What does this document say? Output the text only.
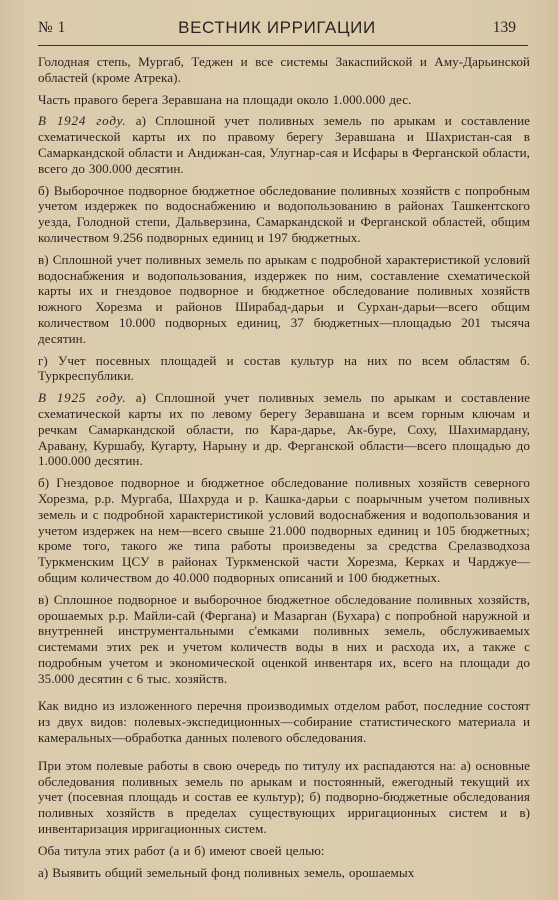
№ 1	ВЕСТНИК ИРРИГАЦИИ	139

Голодная степь, Мургаб, Теджен и все системы Закаспийской и Аму-Дарьинской областей (кроме Атрека).

Часть правого берега Зеравшана на площади около 1.000.000 дес.

В 1924 году. а) Сплошной учет поливных земель по арыкам и составление схематической карты их по правому берегу Зеравшана и Шахристан-сая в Самаркандской области и Андижан-сая, Улугнар-сая и Исфары в Ферганской области, всего до 300.000 десятин.

б) Выборочное подворное бюджетное обследование поливных хозяйств с попробным учетом издержек по водоснабжению и водопользованию в районах Ташкентского уезда, Голодной степи, Дальверзина, Самаркандской и Ферганской областей, общим количеством 9.256 подворных единиц и 197 бюджетных.

в) Сплошной учет поливных земель по арыкам с подробной характеристикой условий водоснабжения и водопользования, издержек по ним, составление схематической карты их и гнездовое подворное и бюджетное обследование поливных хозяйств южного Хорезма и районов Ширабад-дарьи и Сурхан-дарьи—всего общим количеством 10.000 подворных единиц, 37 бюджетных—площадью 201 тысяча десятин.

г) Учет посевных площадей и состав культур на них по всем областям б. Туркреспублики.

В 1925 году. а) Сплошной учет поливных земель по арыкам и составление схематической карты их по левому берегу Зеравшана и всем горным ключам и речкам Самаркандской области, по Кара-дарье, Ак-буре, Соху, Шахимардану, Аравану, Куршабу, Кугарту, Нарыну и др. Ферганской области—всего площадью до 1.000.000 десятин.

б) Гнездовое подворное и бюджетное обследование поливных хозяйств северного Хорезма, р.р. Мургаба, Шахруда и р. Кашка-дарьи с поарычным учетом поливных земель и с подробной характеристикой условий водоснабжения и водопользования и учетом издержек на нем—всего свыше 21.000 подворных единиц и 105 бюджетных; кроме того, такого же типа работы произведены за средства Срелазводхоза Туркменским ЦСУ в районах Туркменской части Хорезма, Керках и Чарджуе—общим количеством до 40.000 подворных описаний и 100 бюджетных.

в) Сплошное подворное и выборочное бюджетное обследование поливных хозяйств, орошаемых р.р. Майли-сай (Фергана) и Мазарган (Бухара) с попробной наружной и внутренней инструментальными с'емками поливных земель, обслуживаемых системами этих рек и учетом количеств воды в них и расхода их, а также с подробным учетом и экономической оценкой инвентаря их, всего на площади до 35.000 десятин с 6 тыс. хозяйств.

Как видно из изложенного перечня производимых отделом работ, последние состоят из двух видов: полевых-экспедиционных—собирание статистического материала и камеральных—обработка данных полевого обследования.

При этом полевые работы в свою очередь по титулу их распадаются на: а) основные обследования поливных земель по арыкам и постоянный, ежегодный текущий их учет (посевная площадь и состав ее культур); б) подворно-бюджетные обследования поливных хозяйств в пределах существующих ирригационных систем и в) инвентаризация ирригационных систем.

Оба титула этих работ (а и б) имеют своей целью:

а) Выявить общий земельный фонд поливных земель, орошаемых
